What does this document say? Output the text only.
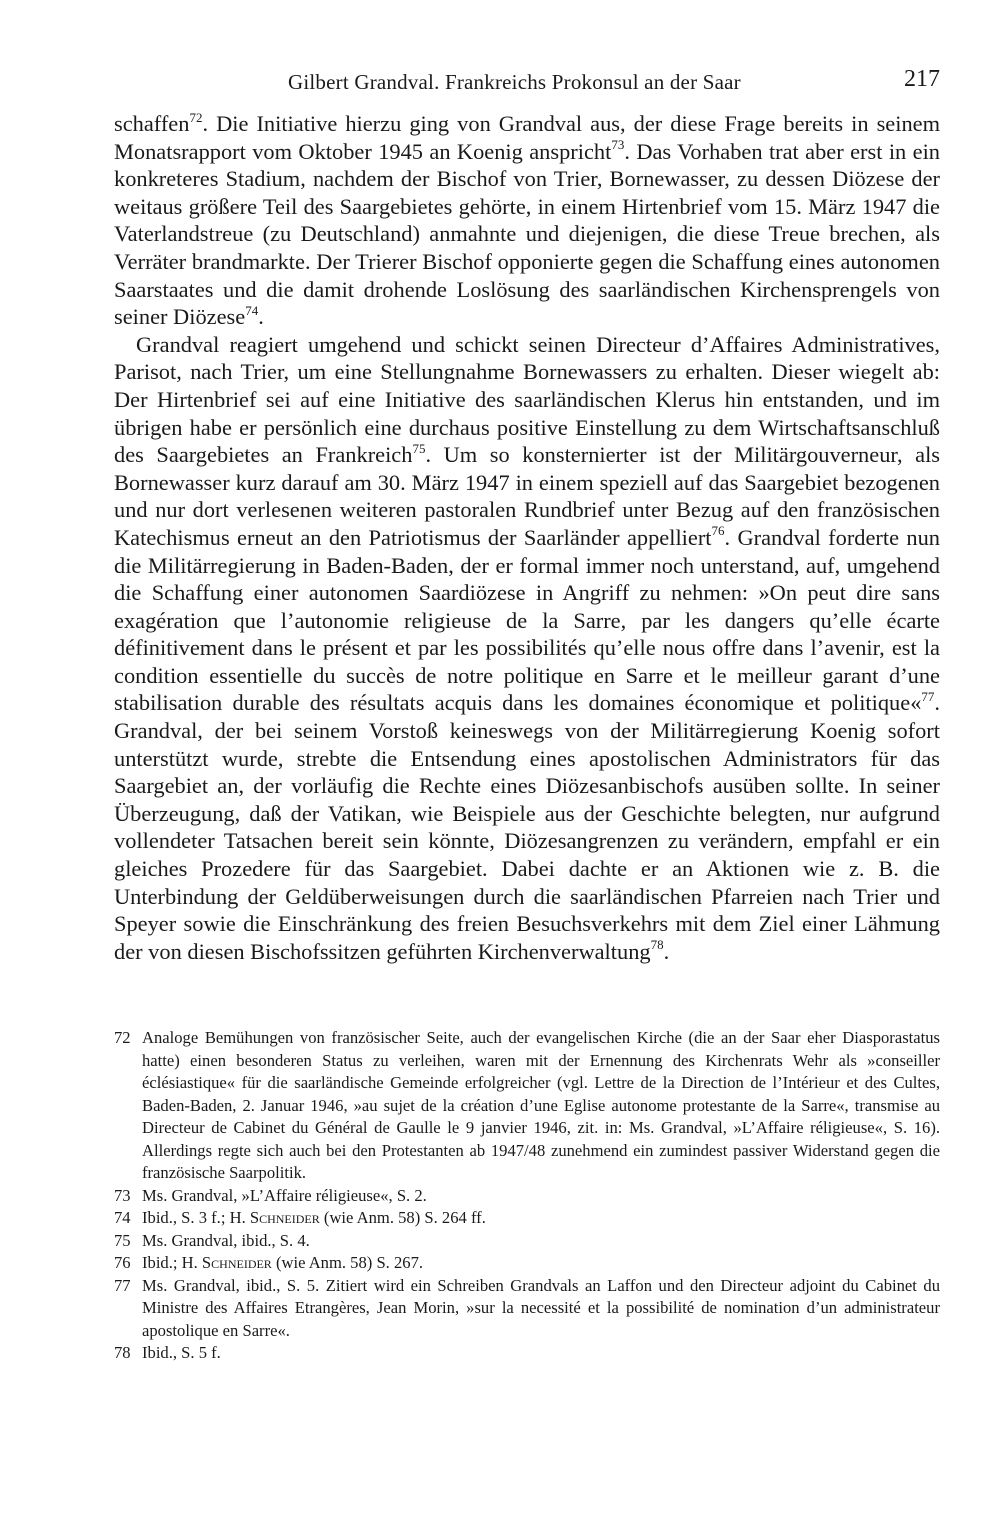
Gilbert Grandval. Frankreichs Prokonsul an der Saar	217

schaffen$^{72}$. Die Initiative hierzu ging von Grandval aus, der diese Frage bereits in seinem Monatsrapport vom Oktober 1945 an Koenig anspricht$^{73}$. Das Vorhaben trat aber erst in ein konkreteres Stadium, nachdem der Bischof von Trier, Bornewasser, zu dessen Diözese der weitaus größere Teil des Saargebietes gehörte, in einem Hirtenbrief vom 15. März 1947 die Vaterlandstreue (zu Deutschland) anmahnte und diejenigen, die diese Treue brechen, als Verräter brandmarkte. Der Trierer Bischof opponierte gegen die Schaffung eines autonomen Saarstaates und die damit drohende Loslösung des saarländischen Kirchensprengels von seiner Diözese$^{74}$.

Grandval reagiert umgehend und schickt seinen Directeur d’Affaires Administratives, Parisot, nach Trier, um eine Stellungnahme Bornewassers zu erhalten. Dieser wiegelt ab: Der Hirtenbrief sei auf eine Initiative des saarländischen Klerus hin entstanden, und im übrigen habe er persönlich eine durchaus positive Einstellung zu dem Wirtschaftsanschluß des Saargebietes an Frankreich$^{75}$. Um so konsternierter ist der Militärgouverneur, als Bornewasser kurz darauf am 30. März 1947 in einem speziell auf das Saargebiet bezogenen und nur dort verlesenen weiteren pastoralen Rundbrief unter Bezug auf den französischen Katechismus erneut an den Patriotismus der Saarländer appelliert$^{76}$. Grandval forderte nun die Militärregierung in Baden-Baden, der er formal immer noch unterstand, auf, umgehend die Schaffung einer autonomen Saardiözese in Angriff zu nehmen: »On peut dire sans exagération que l’autonomie religieuse de la Sarre, par les dangers qu’elle écarte définitivement dans le présent et par les possibilités qu’elle nous offre dans l’avenir, est la condition essentielle du succès de notre politique en Sarre et le meilleur garant d’une stabilisation durable des résultats acquis dans les domaines économique et politique«$^{77}$. Grandval, der bei seinem Vorstoß keineswegs von der Militärregierung Koenig sofort unterstützt wurde, strebte die Entsendung eines apostolischen Administrators für das Saargebiet an, der vorläufig die Rechte eines Diözesanbischofs ausüben sollte. In seiner Überzeugung, daß der Vatikan, wie Beispiele aus der Geschichte belegten, nur aufgrund vollendeter Tatsachen bereit sein könnte, Diözesangrenzen zu verändern, empfahl er ein gleiches Prozedere für das Saargebiet. Dabei dachte er an Aktionen wie z. B. die Unterbindung der Geldüberweisungen durch die saarländischen Pfarreien nach Trier und Speyer sowie die Einschränkung des freien Besuchsverkehrs mit dem Ziel einer Lähmung der von diesen Bischofssitzen geführten Kirchenverwaltung$^{78}$.

72 Analoge Bemühungen von französischer Seite, auch der evangelischen Kirche (die an der Saar eher Diasporastatus hatte) einen besonderen Status zu verleihen, waren mit der Ernennung des Kirchenrats Wehr als »conseiller éclésiastique« für die saarländische Gemeinde erfolgreicher (vgl. Lettre de la Direction de l’Intérieur et des Cultes, Baden-Baden, 2. Januar 1946, »au sujet de la création d’une Eglise autonome protestante de la Sarre«, transmise au Directeur de Cabinet du Général de Gaulle le 9 janvier 1946, zit. in: Ms. Grandval, »L’Affaire réligieuse«, S. 16). Allerdings regte sich auch bei den Protestanten ab 1947/48 zunehmend ein zumindest passiver Widerstand gegen die französische Saarpolitik.
73 Ms. Grandval, »L’Affaire réligieuse«, S. 2.
74 Ibid., S. 3 f.; H. Schneider (wie Anm. 58) S. 264 ff.
75 Ms. Grandval, ibid., S. 4.
76 Ibid.; H. Schneider (wie Anm. 58) S. 267.
77 Ms. Grandval, ibid., S. 5. Zitiert wird ein Schreiben Grandvals an Laffon und den Directeur adjoint du Cabinet du Ministre des Affaires Etrangères, Jean Morin, »sur la necessité et la possibilité de nomination d’un administrateur apostolique en Sarre«.
78 Ibid., S. 5 f.
